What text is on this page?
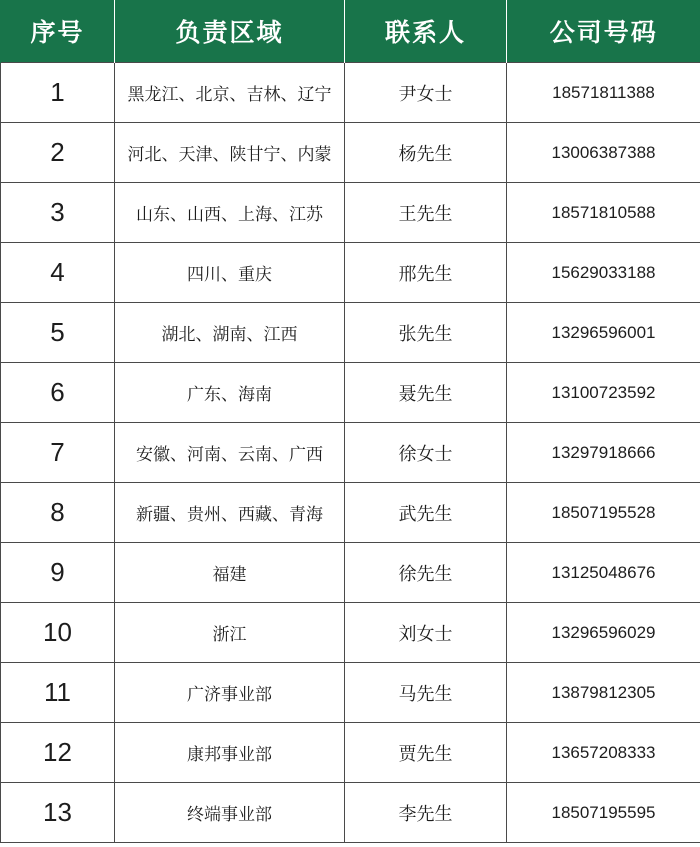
序号	负责区域	联系人	公司号码
1	黑龙江、北京、吉林、辽宁	尹女士	18571811388
2	河北、天津、陕甘宁、内蒙	杨先生	13006387388
3	山东、山西、上海、江苏	王先生	18571810588
4	四川、重庆	邢先生	15629033188
5	湖北、湖南、江西	张先生	13296596001
6	广东、海南	聂先生	13100723592
7	安徽、河南、云南、广西	徐女士	13297918666
8	新疆、贵州、西藏、青海	武先生	18507195528
9	福建	徐先生	13125048676
10	浙江	刘女士	13296596029
11	广济事业部	马先生	13879812305
12	康邦事业部	贾先生	13657208333
13	终端事业部	李先生	18507195595
